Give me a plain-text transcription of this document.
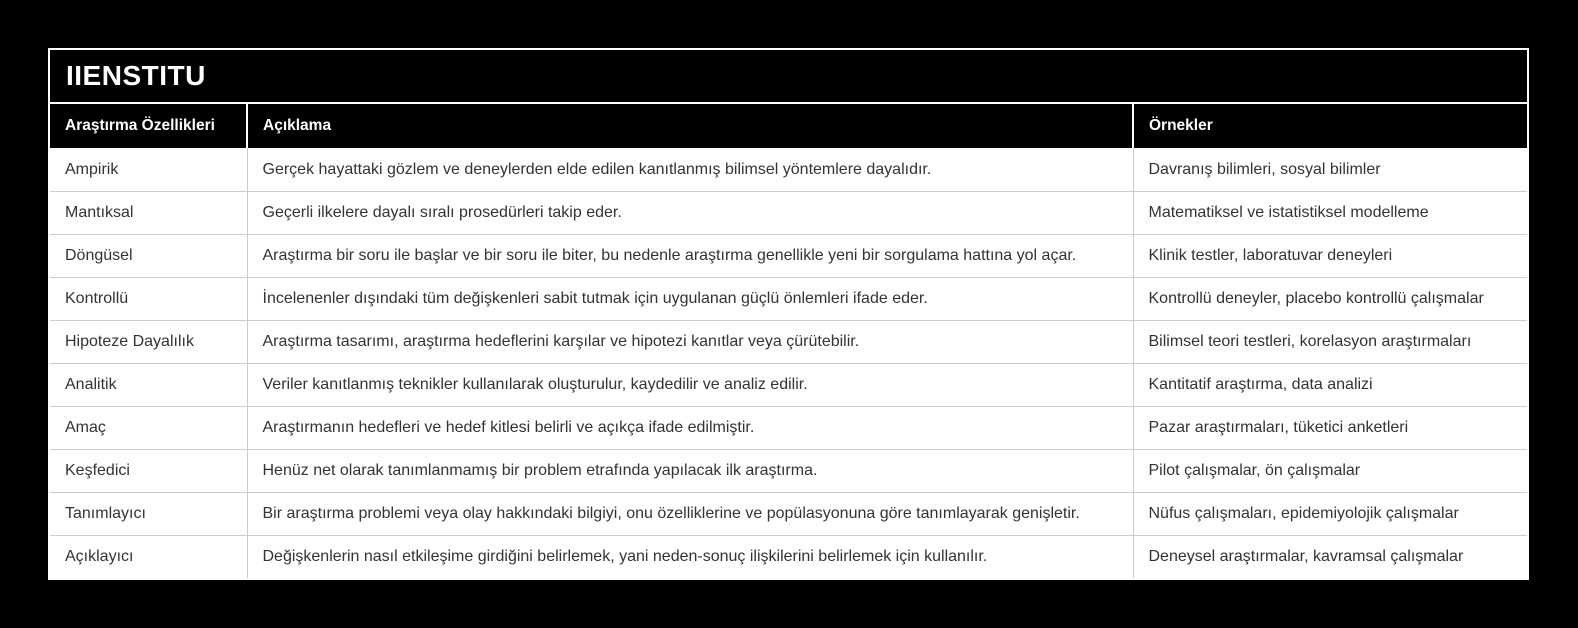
IIENSTITU
Araştırma Özellikleri	Açıklama	Örnekler
Ampirik	Gerçek hayattaki gözlem ve deneylerden elde edilen kanıtlanmış bilimsel yöntemlere dayalıdır.	Davranış bilimleri, sosyal bilimler
Mantıksal	Geçerli ilkelere dayalı sıralı prosedürleri takip eder.	Matematiksel ve istatistiksel modelleme
Döngüsel	Araştırma bir soru ile başlar ve bir soru ile biter, bu nedenle araştırma genellikle yeni bir sorgulama hattına yol açar.	Klinik testler, laboratuvar deneyleri
Kontrollü	İncelenenler dışındaki tüm değişkenleri sabit tutmak için uygulanan güçlü önlemleri ifade eder.	Kontrollü deneyler, placebo kontrollü çalışmalar
Hipoteze Dayalılık	Araştırma tasarımı, araştırma hedeflerini karşılar ve hipotezi kanıtlar veya çürütebilir.	Bilimsel teori testleri, korelasyon araştırmaları
Analitik	Veriler kanıtlanmış teknikler kullanılarak oluşturulur, kaydedilir ve analiz edilir.	Kantitatif araştırma, data analizi
Amaç	Araştırmanın hedefleri ve hedef kitlesi belirli ve açıkça ifade edilmiştir.	Pazar araştırmaları, tüketici anketleri
Keşfedici	Henüz net olarak tanımlanmamış bir problem etrafında yapılacak ilk araştırma.	Pilot çalışmalar, ön çalışmalar
Tanımlayıcı	Bir araştırma problemi veya olay hakkındaki bilgiyi, onu özelliklerine ve popülasyonuna göre tanımlayarak genişletir.	Nüfus çalışmaları, epidemiyolojik çalışmalar
Açıklayıcı	Değişkenlerin nasıl etkileşime girdiğini belirlemek, yani neden-sonuç ilişkilerini belirlemek için kullanılır.	Deneysel araştırmalar, kavramsal çalışmalar
